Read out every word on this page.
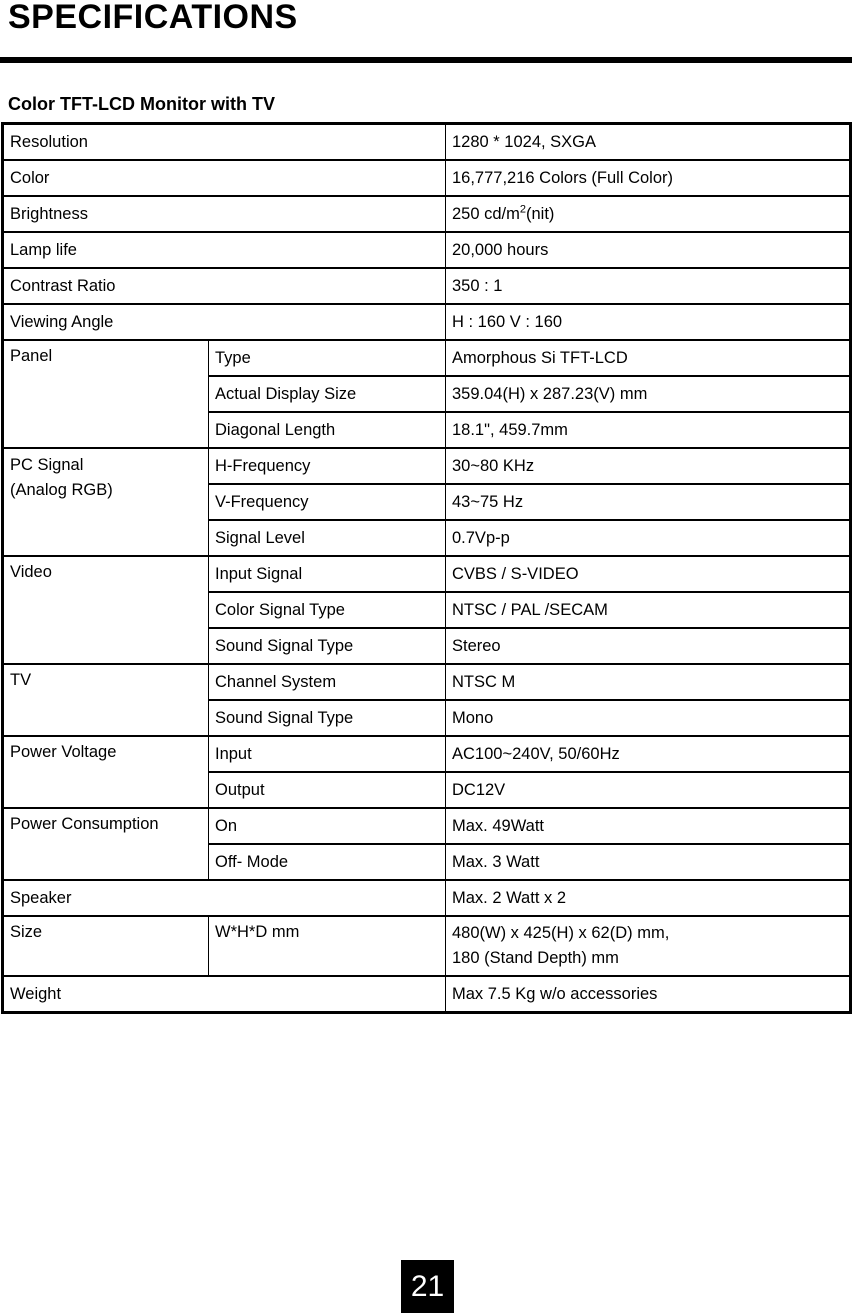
SPECIFICATIONS
Color TFT-LCD Monitor with TV
Resolution		1280 * 1024, SXGA
Color		16,777,216 Colors (Full Color)
Brightness		250 $cd/m^2(nit)$
Lamp life		20,000 hours
Contrast Ratio		350 : 1
Viewing Angle		H : 160 V : 160
Panel	Type	Amorphous Si TFT-LCD
	Actual Display Size	359.04(H) x 287.23(V) mm
	Diagonal Length	18.1", 459.7mm
PC Signal
(Analog RGB)	H-Frequency	30~80 KHz
	V-Frequency	43~75 Hz
	Signal Level	0.7Vp-p
Video	Input Signal	CVBS / S-VIDEO
	Color Signal Type	NTSC / PAL /SECAM
	Sound Signal Type	Stereo
TV	Channel System	NTSC M
	Sound Signal Type	Mono
Power Voltage	Input	AC100~240V, 50/60Hz
	Output	DC12V
Power Consumption	On	Max. 49Watt
	Off- Mode	Max. 3 Watt
Speaker		Max. 2 Watt x 2
Size	W*H*D mm	480(W) x 425(H) x 62(D) mm,
180 (Stand Depth) mm
Weight		Max 7.5 Kg w/o accessories
21
